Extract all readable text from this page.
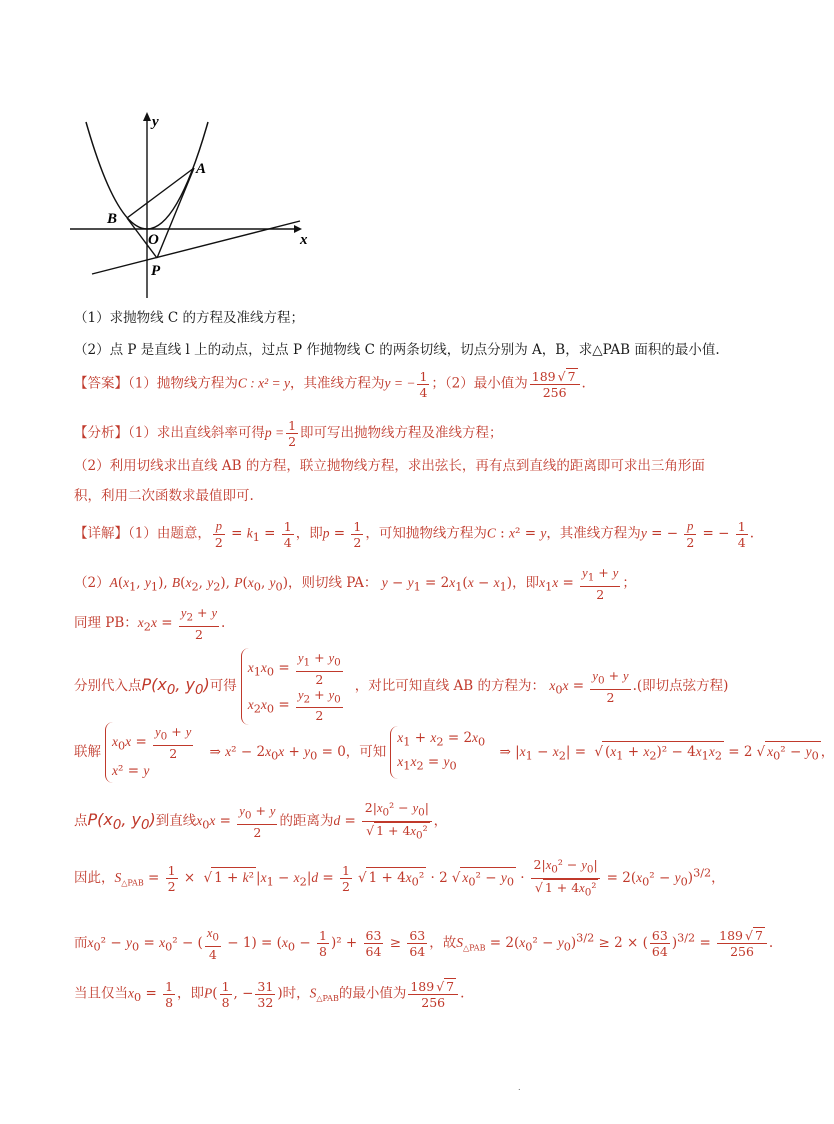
y
x
A
B
O
P
（1）求抛物线 C 的方程及准线方程；
（2）点 P 是直线 l 上的动点，过点 P 作抛物线 C 的两条切线，切点分别为 A，B，求△PAB 面积的最小值.
【答案】（1）抛物线方程为C : x² = y，其准线方程为y = − $\frac{1}{4}$ ；（2）最小值为 $\frac{189√ 7}{256}$ .
【分析】（1）求出直线斜率可得$p = \frac{1}{2}$ 即可写出抛物线方程及准线方程；
（2）利用切线求出直线 AB 的方程，联立抛物线方程，求出弦长，再有点到直线的距离即可求出三角形面
积，利用二次函数求最值即可.
【详解】（1）由题意， $\frac{p}{2} = k_1 = \frac{1}{4}$ ，即$p = \frac{1}{2}$ ，可知抛物线方程为C : x² = y，其准线方程为y = − $\frac{p}{2}$ = − $\frac{1}{4}$ .
$(2)A(x_1$, $y_1$), $B(x_2$, $y_2$), $P(x_0$, $y_0$)，则切线 PA： $y - y_1 = 2x_1(x - x_1)$，即$x_1x = \frac{y_1 + y}{2}$ ；
同理 PB：$x_2x = \frac{y_2 + y}{2}$ .
分别代入点$P(x_0$, $y_0$)可得
$x_1x_0 = \frac{y_1 + y_0}{2}$
$x_2x_0 = \frac{y_2 + y_0}{2}$
，对比可知直线 AB 的方程为： $x_0x = \frac{y_0 + y}{2}$ .(即切点弦方程)
联解
$x_0x = \frac{y_0 + y}{2}$
x² = y
⇒ $x^2 - 2x_0x + y_0 = 0$，可知
$x_1 + x_2 = 2x_0$
$x_1x_2 = y_0$
⇒ $|x_1 - x_2|$ = √ $(x_1 + x_2)^2 - 4x_1x_2 = 2√$ $x_0^2 - y_0$ ，
点$P(x_0$, $y_0$)到直线$x_0x = \frac{y_0 + y}{2}$ 的距离为$d = 2|x_0^2 - y_0|$
√ $1 + 4x_0^2$ ，
因此，$S_{\triangle PAB} = \frac{1}{2}$ × √ 1 + k² $|x_1 - x_2|d = \frac{1}{2}$
√ $1 + 4x_0^2 \cdot 2√$ $x_0^2 - y_0 \cdot 2|x_0^2 - y_0|$
√ $1 + 4x_0^2 = 2(x_0^2 - y_0)^{3/2}$，
而$x_0^2 - y_0 = x_0^2$ − ( $\frac{x_0}{4} - 1) = (x_0 - \frac{1}{8} )^2 + \frac{63}{64} \ge \frac{63}{64}$ ，故$S_{\triangle PAB} = 2(x_0^2 - y_0)^{3/2} \ge 2$ × ( $\frac{63}{64} )^{3/2} = \frac{189√ 7}{256}$ .
当且仅当$x_0 = \frac{1}{8}$ ，即$P( \frac{1}{8}$ , − $\frac{31}{32}$ )时，$S_{\triangle PAB}$的最小值为 $\frac{189√ 7}{256}$ .
.
